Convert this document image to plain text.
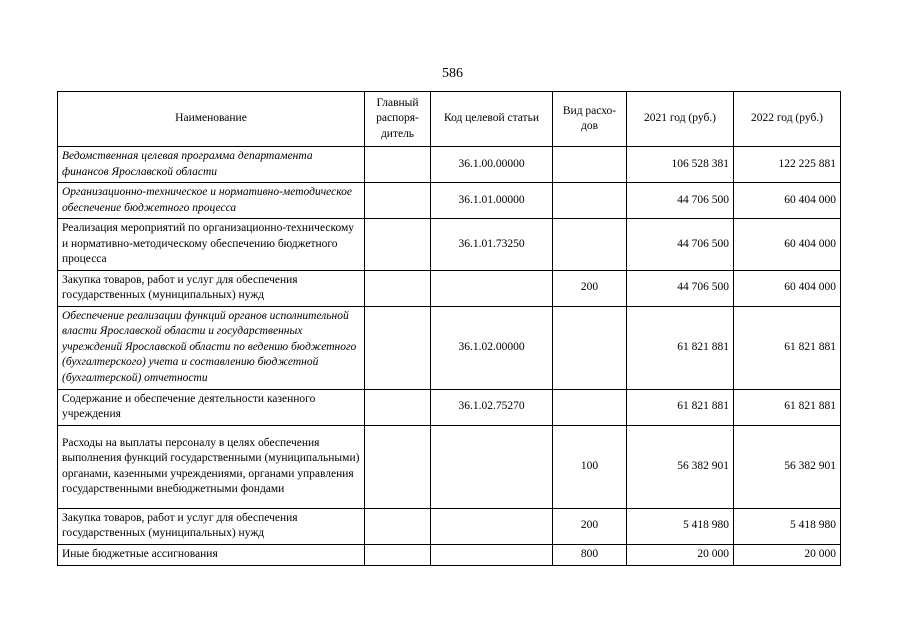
586
Наименование	Главный распоря-дитель	Код целевой статьи	Вид расхо-дов	2021 год (руб.)	2022 год (руб.)
Ведомственная целевая программа департамента финансов Ярославской области		36.1.00.00000		106 528 381	122 225 881
Организационно-техническое и нормативно-методическое обеспечение бюджетного процесса		36.1.01.00000		44 706 500	60 404 000
Реализация мероприятий по организационно-техническому и нормативно-методическому обеспечению бюджетного процесса		36.1.01.73250		44 706 500	60 404 000
Закупка товаров, работ и услуг для обеспечения государственных (муниципальных) нужд			200	44 706 500	60 404 000
Обеспечение реализации функций органов исполнительной власти Ярославской области и государственных учреждений Ярославской области по ведению бюджетного (бухгалтерского) учета и составлению бюджетной (бухгалтерской) отчетности		36.1.02.00000		61 821 881	61 821 881
Содержание и обеспечение деятельности казенного учреждения		36.1.02.75270		61 821 881	61 821 881
Расходы на выплаты персоналу в целях обеспечения выполнения функций государственными (муниципальными) органами, казенными учреждениями, органами управления государственными внебюджетными фондами			100	56 382 901	56 382 901
Закупка товаров, работ и услуг для обеспечения государственных (муниципальных) нужд			200	5 418 980	5 418 980
Иные бюджетные ассигнования			800	20 000	20 000
